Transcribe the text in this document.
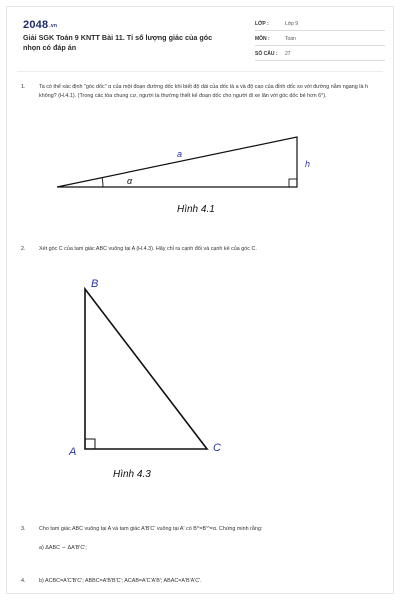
$2048^{.vn}$
Giải SGK Toán 9 KNTT Bài 11. Tỉ số lượng giác của góc nhọn có đáp án
LỚP :	Lớp 9
MÔN :	Toán
SỐ CÂU : 27
1.	Ta có thể xác định "góc dốc" α của một đoạn đường dốc khi biết độ dài của dốc là a và độ cao của đỉnh dốc so với đường nằm ngang là h không? (H.4.1). (Trong các tòa chung cư, người ta thường thiết kế đoạn dốc cho người đi xe lăn với góc dốc bé hơn 6°).
a
h
α
Hình 4.1
2.	Xét góc C của tam giác ABC vuông tại A (H.4.3). Hãy chỉ ra cạnh đối và cạnh kề của góc C.
B
A	C
Hình 4.3
3.	Cho tam giác ABC vuông tại A và tam giác A'B'C' vuông tại A' có B^=B'^=α. Chứng minh rằng:
a) ΔABC ∽ ΔA'B'C';
4.	b) ACBC=A'C'B'C'; ABBC=A'B'B'C'; ACAB=A'C'A'B'; ABAC=A'B'A'C'.
